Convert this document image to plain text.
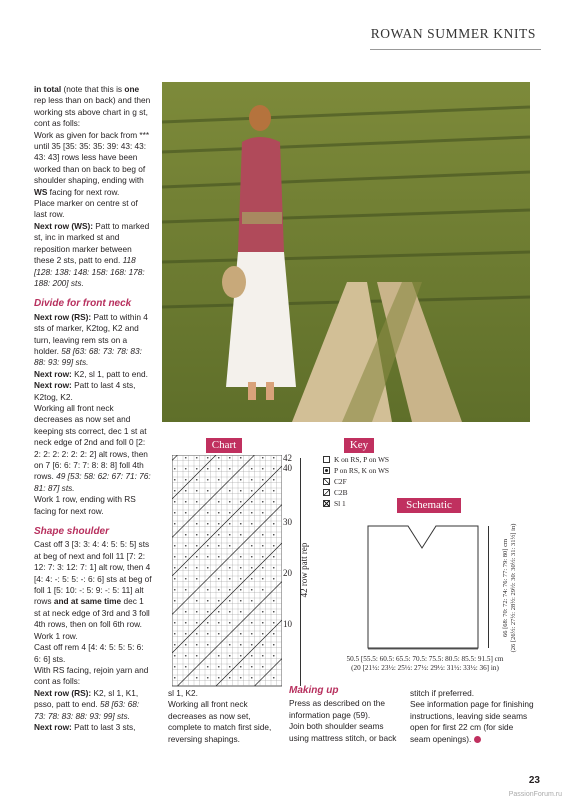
ROWAN SUMMER KNITS

in total (note that this is one rep less than on back) and then working sts above chart in g st, cont as folls:

Work as given for back from *** until 35 [35: 35: 35: 39: 43: 43: 43: 43] rows less have been worked than on back to beg of shoulder shaping, ending with WS facing for next row.

Place marker on centre st of last row.

Next row (WS): Patt to marked st, inc in marked st and reposition marker between these 2 sts, patt to end. 118 [128: 138: 148: 158: 168: 178: 188: 200] sts.

Divide for front neck

Next row (RS): Patt to within 4 sts of marker, K2tog, K2 and turn, leaving rem sts on a holder. 58 [63: 68: 73: 78: 83: 88: 93: 99] sts.

Next row: K2, sl 1, patt to end.

Next row: Patt to last 4 sts, K2tog, K2.

Working all front neck decreases as now set and keeping sts correct, dec 1 st at neck edge of 2nd and foll 0 [2: 2: 2: 2: 2: 2: 2: 2] alt rows, then on 7 [6: 6: 7: 7: 8: 8: 8] foll 4th rows. 49 [53: 58: 62: 67: 71: 76: 81: 87] sts.

Work 1 row, ending with RS facing for next row.

Shape shoulder

Cast off 3 [3: 3: 4: 4: 5: 5: 5] sts at beg of next and foll 11 [7: 2: 12: 7: 3: 12: 7: 1] alt row, then 4 [4: 4: -: 5: 5: -: 6: 6] sts at beg of foll 1 [5: 10: -: 5: 9: -: 5: 11] alt rows and at same time dec 1 st at neck edge of 3rd and 3 foll 4th rows, then on foll 6th row.

Work 1 row.

Cast off rem 4 [4: 4: 5: 5: 5: 6: 6: 6] sts.

With RS facing, rejoin yarn and cont as folls:

Next row (RS): K2, sl 1, K1, psso, patt to end. 58 [63: 68: 73: 78: 83: 88: 93: 99] sts.

Next row: Patt to last 3 sts,

Chart
42
40
30
20
10
42 row patt rep
Key
K on RS, P on WS
P on RS, K on WS
C2F
C2B
Sl 1	Schematic
66 [68: 70: 72: 74: 76: 77: 79: 80] cm
(26 [26½: 27½: 28½: 29½: 30: 30½: 31: 31½] in)
50.5 [55.5: 60.5: 65.5: 70.5: 75.5: 80.5: 85.5: 91.5] cm
(20 [21½: 23½: 25½: 27½: 29½: 31½: 33½: 36] in)

sl 1, K2.

Working all front neck decreases as now set, complete to match first side, reversing shapings.

Making up

Press as described on the information page (59).

Join both shoulder seams using mattress stitch, or back

stitch if preferred.

See information page for finishing instructions, leaving side seams open for first 22 cm (for side seam openings).

23
PassionForum.ru
